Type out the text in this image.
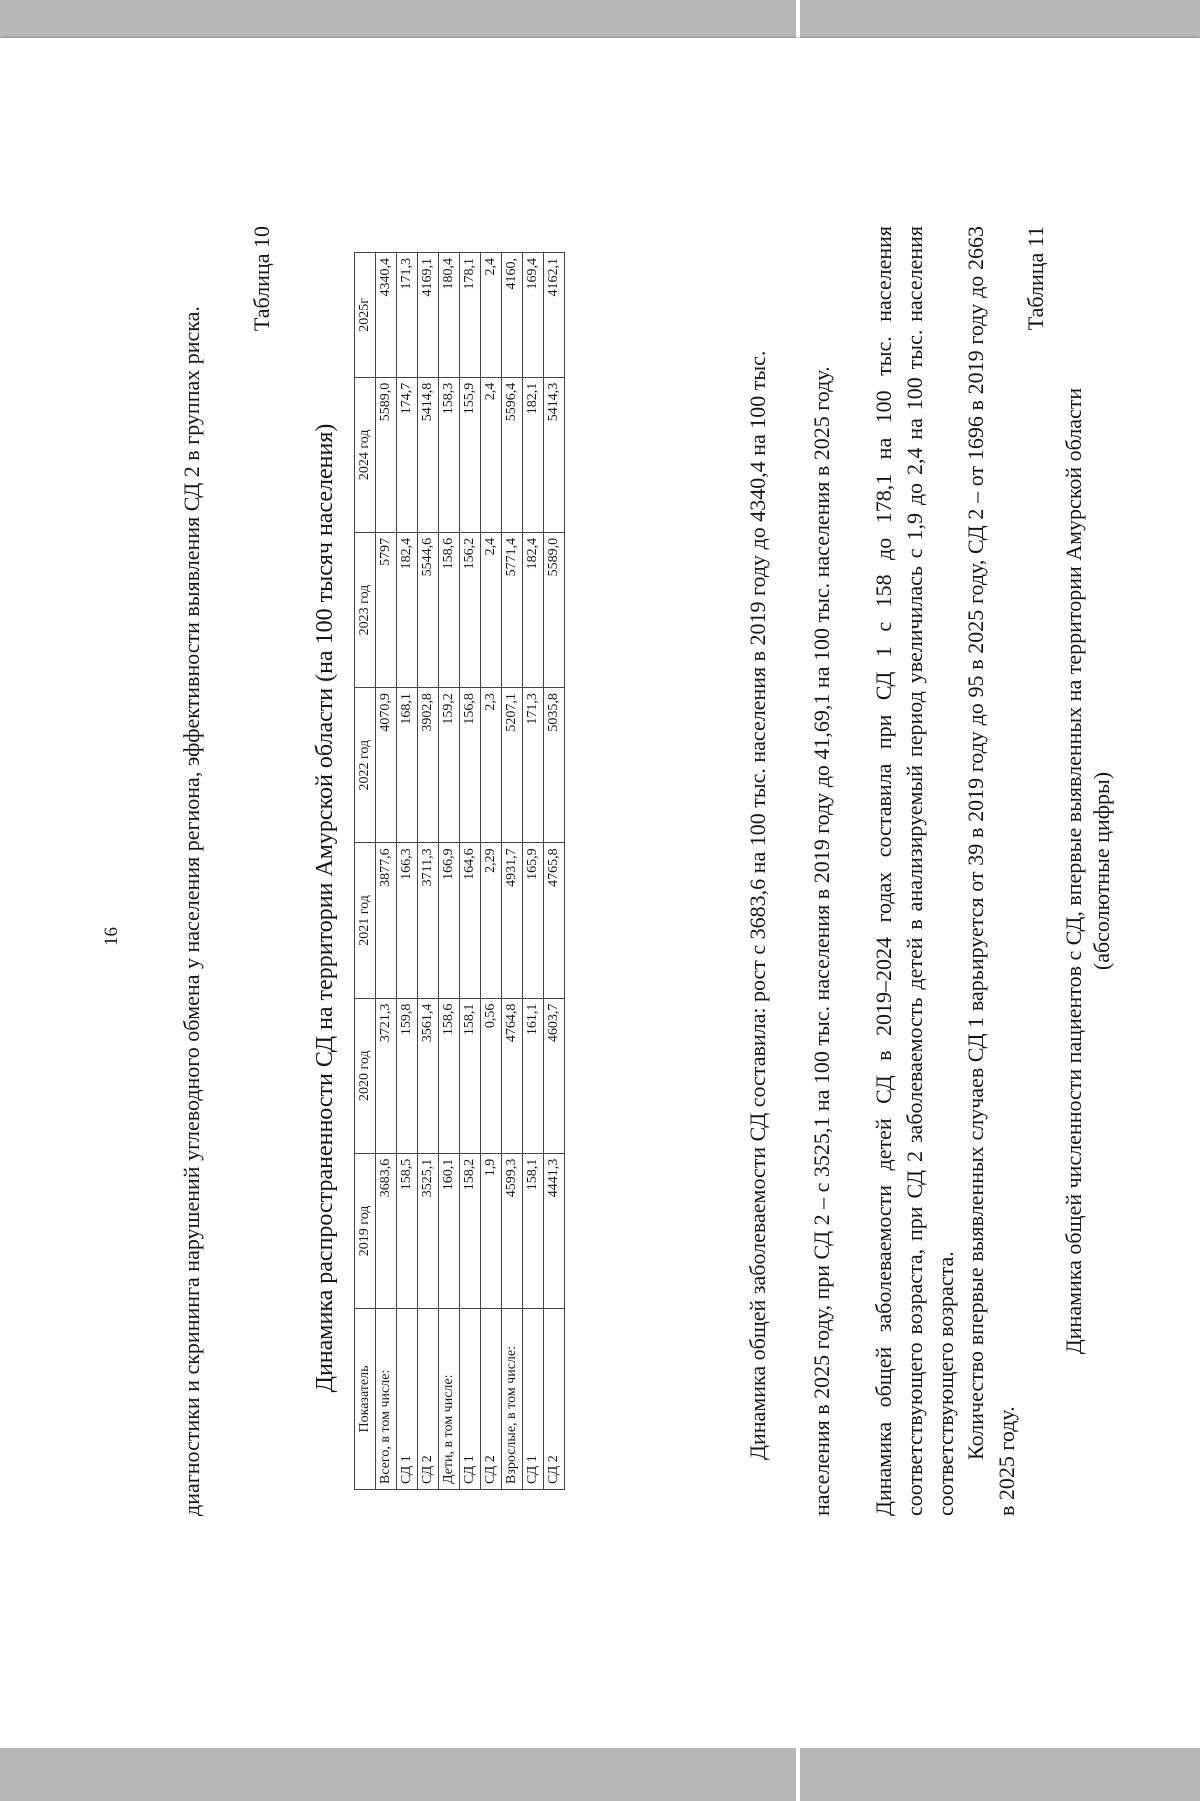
16	диагностики и скрининга нарушений углеводного обмена у населения региона, эффективности выявления СД 2 в группах риска.

Таблица 10
Динамика распространенности СД на территории Амурской области (на 100 тысяч населения)
Показатель	2019 год	2020 год	2021 год	2022 год	2023 год	2024 год	2025г
Всего, в том числе:	3683,6	3721,3	3877,6	4070,9	5797	5589,0	4340,4
СД 1	158,5	159,8	166,3	168,1	182,4	174,7	171,3
СД 2	3525,1	3561,4	3711,3	3902,8	5544,6	5414,8	4169,1
Дети, в том числе:	160,1	158,6	166,9	159,2	158,6	158,3	180,4
СД 1	158,2	158,1	164,6	156,8	156,2	155,9	178,1
СД 2	1,9	0,56	2,29	2,3	2,4	2,4	2,4
Взрослые, в том числе:	4599,3	4764,8	4931,7	5207,1	5771,4	5596,4	4160,
СД 1	158,1	161,1	165,9	171,3	182,4	182,1	169,4
СД 2	4441,3	4603,7	4765,8	5035,8	5589,0	5414,3	4162,1

Динамика общей заболеваемости СД составила: рост с 3683,6 на 100 тыс. населения в 2019 году до 4340,4 на 100 тыс. населения в 2025 году, при СД 2 – с 3525,1 на 100 тыс. населения в 2019 году до 41,69,1 на 100 тыс. населения в 2025 году. Динамика общей заболеваемости детей СД в 2019–2024 годах составила при СД 1 с 158 до 178,1 на 100 тыс. населения соответствующего возраста, при СД 2 заболеваемость детей в анализируемый период увеличилась с 1,9 до 2,4 на 100 тыс. населения соответствующего возраста. Количество впервые выявленных случаев СД 1 варьируется от 39 в 2019 году до 95 в 2025 году, СД 2 – от 1696 в 2019 году до 2663 в 2025 году.

Таблица 11
Динамика общей численности пациентов с СД, впервые выявленных на территории Амурской области (абсолютные цифры)
